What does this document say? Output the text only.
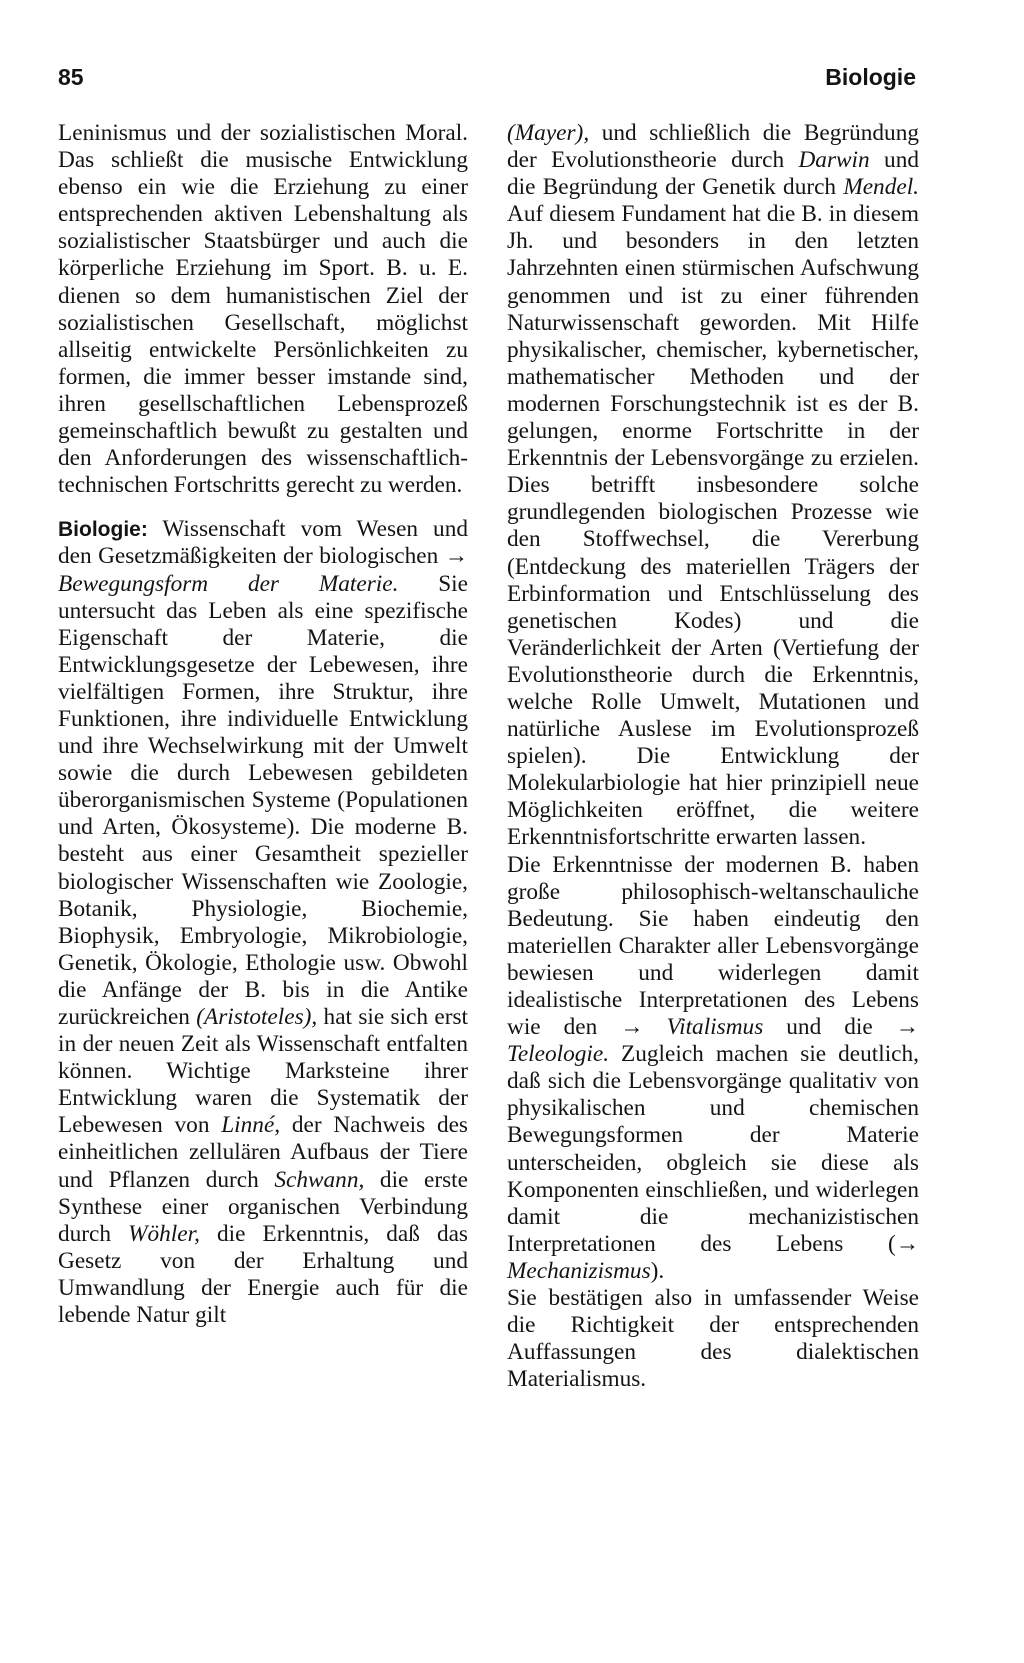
85	Biologie

Leninismus und der sozialistischen Moral. Das schließt die musische Entwicklung ebenso ein wie die Erziehung zu einer entsprechenden aktiven Lebenshaltung als sozialistischer Staatsbürger und auch die körperliche Erziehung im Sport. B. u. E. dienen so dem humanistischen Ziel der sozialistischen Gesellschaft, möglichst allseitig entwickelte Persönlichkeiten zu formen, die immer besser imstande sind, ihren gesellschaftlichen Lebensprozeß gemeinschaftlich bewußt zu gestalten und den Anforderungen des wissenschaftlich-technischen Fortschritts gerecht zu werden.

Biologie: Wissenschaft vom Wesen und den Gesetzmäßigkeiten der biologischen → Bewegungsform der Materie. Sie untersucht das Leben als eine spezifische Eigenschaft der Materie, die Entwicklungsgesetze der Lebewesen, ihre vielfältigen Formen, ihre Struktur, ihre Funktionen, ihre individuelle Entwicklung und ihre Wechselwirkung mit der Umwelt sowie die durch Lebewesen gebildeten überorganismischen Systeme (Populationen und Arten, Ökosysteme). Die moderne B. besteht aus einer Gesamtheit spezieller biologischer Wissenschaften wie Zoologie, Botanik, Physiologie, Biochemie, Biophysik, Embryologie, Mikrobiologie, Genetik, Ökologie, Ethologie usw. Obwohl die Anfänge der B. bis in die Antike zurückreichen (Aristoteles), hat sie sich erst in der neuen Zeit als Wissenschaft entfalten können. Wichtige Marksteine ihrer Entwicklung waren die Systematik der Lebewesen von Linné, der Nachweis des einheitlichen zellulären Aufbaus der Tiere und Pflanzen durch Schwann, die erste Synthese einer organischen Verbindung durch Wöhler, die Erkenntnis, daß das Gesetz von der Erhaltung und Umwandlung der Energie auch für die lebende Natur gilt

(Mayer), und schließlich die Begründung der Evolutionstheorie durch Darwin und die Begründung der Genetik durch Mendel. Auf diesem Fundament hat die B. in diesem Jh. und besonders in den letzten Jahrzehnten einen stürmischen Aufschwung genommen und ist zu einer führenden Naturwissenschaft geworden. Mit Hilfe physikalischer, chemischer, kybernetischer, mathematischer Methoden und der modernen Forschungstechnik ist es der B. gelungen, enorme Fortschritte in der Erkenntnis der Lebensvorgänge zu erzielen. Dies betrifft insbesondere solche grundlegenden biologischen Prozesse wie den Stoffwechsel, die Vererbung (Entdeckung des materiellen Trägers der Erbinformation und Entschlüsselung des genetischen Kodes) und die Veränderlichkeit der Arten (Vertiefung der Evolutionstheorie durch die Erkenntnis, welche Rolle Umwelt, Mutationen und natürliche Auslese im Evolutionsprozeß spielen). Die Entwicklung der Molekularbiologie hat hier prinzipiell neue Möglichkeiten eröffnet, die weitere Erkenntnisfortschritte erwarten lassen.

Die Erkenntnisse der modernen B. haben große philosophisch-weltanschauliche Bedeutung. Sie haben eindeutig den materiellen Charakter aller Lebensvorgänge bewiesen und widerlegen damit idealistische Interpretationen des Lebens wie den → Vitalismus und die → Teleologie. Zugleich machen sie deutlich, daß sich die Lebensvorgänge qualitativ von physikalischen und chemischen Bewegungsformen der Materie unterscheiden, obgleich sie diese als Komponenten einschließen, und widerlegen damit die mechanizistischen Interpretationen des Lebens (→ Mechanizismus).

Sie bestätigen also in umfassender Weise die Richtigkeit der entsprechenden Auffassungen des dialektischen Materialismus.
